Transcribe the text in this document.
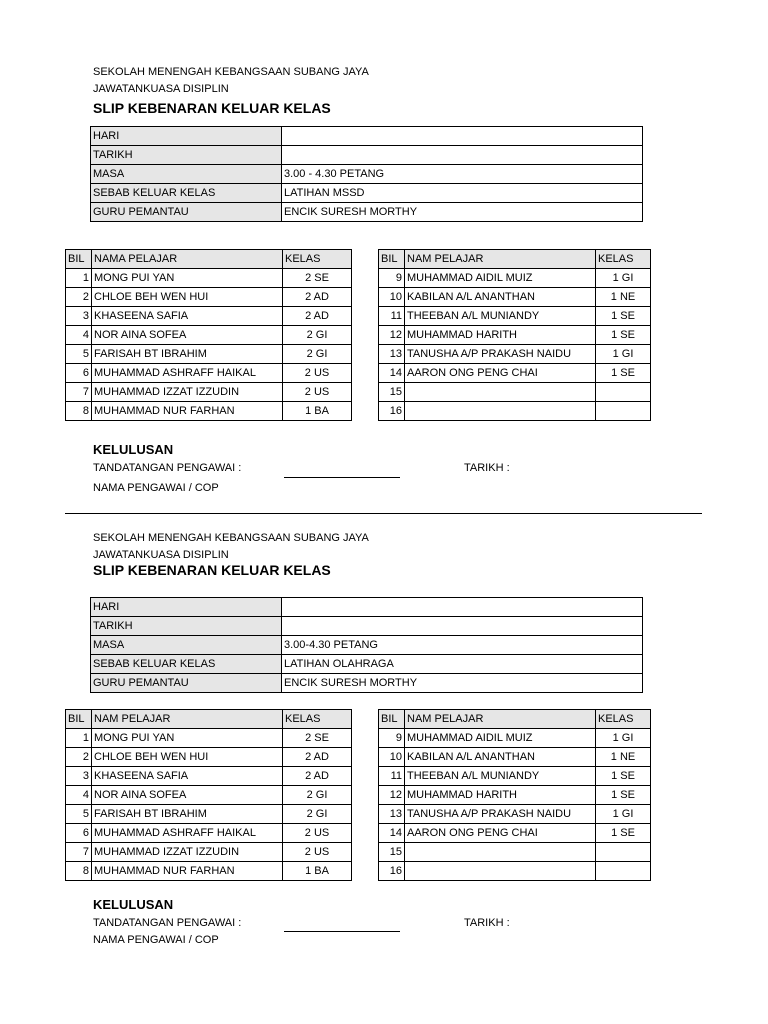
SEKOLAH MENENGAH KEBANGSAAN SUBANG JAYA
JAWATANKUASA DISIPLIN
SLIP KEBENARAN KELUAR KELAS
HARI	
TARIKH	
MASA	3.00 - 4.30 PETANG
SEBAB KELUAR KELAS	LATIHAN MSSD
GURU PEMANTAU	ENCIK SURESH MORTHY
BIL	NAMA PELAJAR	KELAS
1	MONG PUI YAN	2 SE
2	CHLOE BEH WEN HUI	2 AD
3	KHASEENA SAFIA	2 AD
4	NOR AINA SOFEA	2 GI
5	FARISAH BT IBRAHIM	2 GI
6	MUHAMMAD ASHRAFF HAIKAL	2 US
7	MUHAMMAD IZZAT IZZUDIN	2 US
8	MUHAMMAD NUR FARHAN	1 BA
BIL	NAM PELAJAR	KELAS
9	MUHAMMAD AIDIL MUIZ	1 GI
10	KABILAN A/L ANANTHAN	1 NE
11	THEEBAN A/L MUNIANDY	1 SE
12	MUHAMMAD HARITH	1 SE
13	TANUSHA A/P PRAKASH NAIDU	1 GI
14	AARON ONG PENG CHAI	1 SE
15		
16		
KELULUSAN
TANDATANGAN PENGAWAI :	TARIKH :
NAMA PENGAWAI / COP
SEKOLAH MENENGAH KEBANGSAAN SUBANG JAYA
JAWATANKUASA DISIPLIN
SLIP KEBENARAN KELUAR KELAS
HARI	
TARIKH	
MASA	3.00-4.30 PETANG
SEBAB KELUAR KELAS	LATIHAN OLAHRAGA
GURU PEMANTAU	ENCIK SURESH MORTHY
BIL	NAM PELAJAR	KELAS
1	MONG PUI YAN	2 SE
2	CHLOE BEH WEN HUI	2 AD
3	KHASEENA SAFIA	2 AD
4	NOR AINA SOFEA	2 GI
5	FARISAH BT IBRAHIM	2 GI
6	MUHAMMAD ASHRAFF HAIKAL	2 US
7	MUHAMMAD IZZAT IZZUDIN	2 US
8	MUHAMMAD NUR FARHAN	1 BA
BIL	NAM PELAJAR	KELAS
9	MUHAMMAD AIDIL MUIZ	1 GI
10	KABILAN A/L ANANTHAN	1 NE
11	THEEBAN A/L MUNIANDY	1 SE
12	MUHAMMAD HARITH	1 SE
13	TANUSHA A/P PRAKASH NAIDU	1 GI
14	AARON ONG PENG CHAI	1 SE
15		
16		
KELULUSAN
TANDATANGAN PENGAWAI :	TARIKH :
NAMA PENGAWAI / COP
